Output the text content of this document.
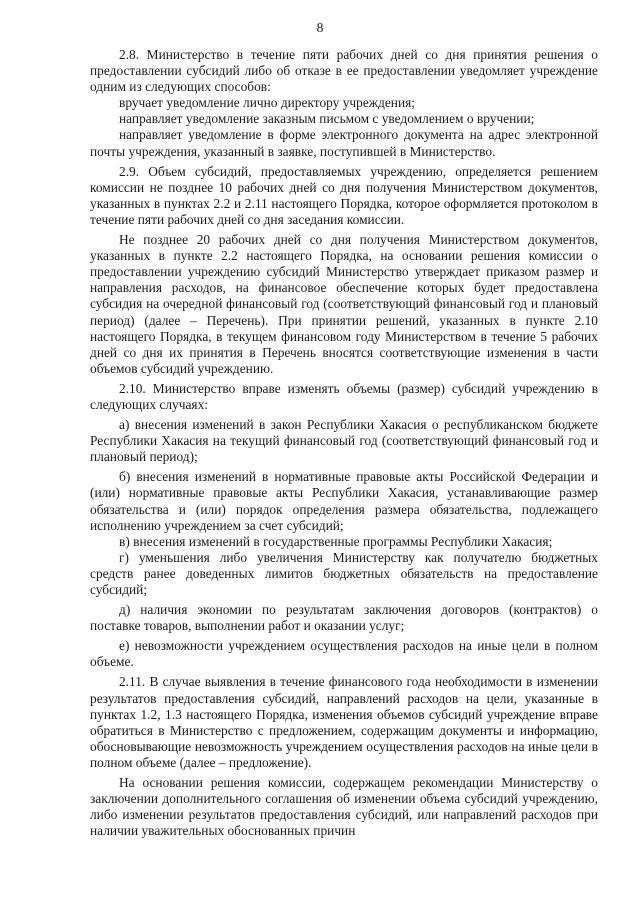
8

2.8. Министерство в течение пяти рабочих дней со дня принятия решения о предоставлении субсидий либо об отказе в ее предоставлении уведомляет учреждение одним из следующих способов:

вручает уведомление лично директору учреждения;

направляет уведомление заказным письмом с уведомлением о вручении;

направляет уведомление в форме электронного документа на адрес электронной почты учреждения, указанный в заявке, поступившей в Министерство.

2.9. Объем субсидий, предоставляемых учреждению, определяется решением комиссии не позднее 10 рабочих дней со дня получения Министерством документов, указанных в пунктах 2.2 и 2.11 настоящего Порядка, которое оформляется протоколом в течение пяти рабочих дней со дня заседания комиссии.

Не позднее 20 рабочих дней со дня получения Министерством документов, указанных в пункте 2.2 настоящего Порядка, на основании решения комиссии о предоставлении учреждению субсидий Министерство утверждает приказом размер и направления расходов, на финансовое обеспечение которых будет предоставлена субсидия на очередной финансовый год (соответствующий финансовый год и плановый период) (далее – Перечень). При принятии решений, указанных в пункте 2.10 настоящего Порядка, в текущем финансовом году Министерством в течение 5 рабочих дней со дня их принятия в Перечень вносятся соответствующие изменения в части объемов субсидий учреждению.

2.10. Министерство вправе изменять объемы (размер) субсидий учреждению в следующих случаях:

а) внесения изменений в закон Республики Хакасия о республиканском бюджете Республики Хакасия на текущий финансовый год (соответствующий финансовый год и плановый период);

б) внесения изменений в нормативные правовые акты Российской Федерации и (или) нормативные правовые акты Республики Хакасия, устанавливающие размер обязательства и (или) порядок определения размера обязательства, подлежащего исполнению учреждением за счет субсидий;

в) внесения изменений в государственные программы Республики Хакасия;

г) уменьшения либо увеличения Министерству как получателю бюджетных средств ранее доведенных лимитов бюджетных обязательств на предоставление субсидий;

д) наличия экономии по результатам заключения договоров (контрактов) о поставке товаров, выполнении работ и оказании услуг;

е) невозможности учреждением осуществления расходов на иные цели в полном объеме.

2.11. В случае выявления в течение финансового года необходимости в изменении результатов предоставления субсидий, направлений расходов на цели, указанные в пунктах 1.2, 1.3 настоящего Порядка, изменения объемов субсидий учреждение вправе обратиться в Министерство с предложением, содержащим документы и информацию, обосновывающие невозможность учреждением осуществления расходов на иные цели в полном объеме (далее – предложение).

На основании решения комиссии, содержащем рекомендации Министерству о заключении дополнительного соглашения об изменении объема субсидий учреждению, либо изменении результатов предоставления субсидий, или направлений расходов при наличии уважительных обоснованных причин
